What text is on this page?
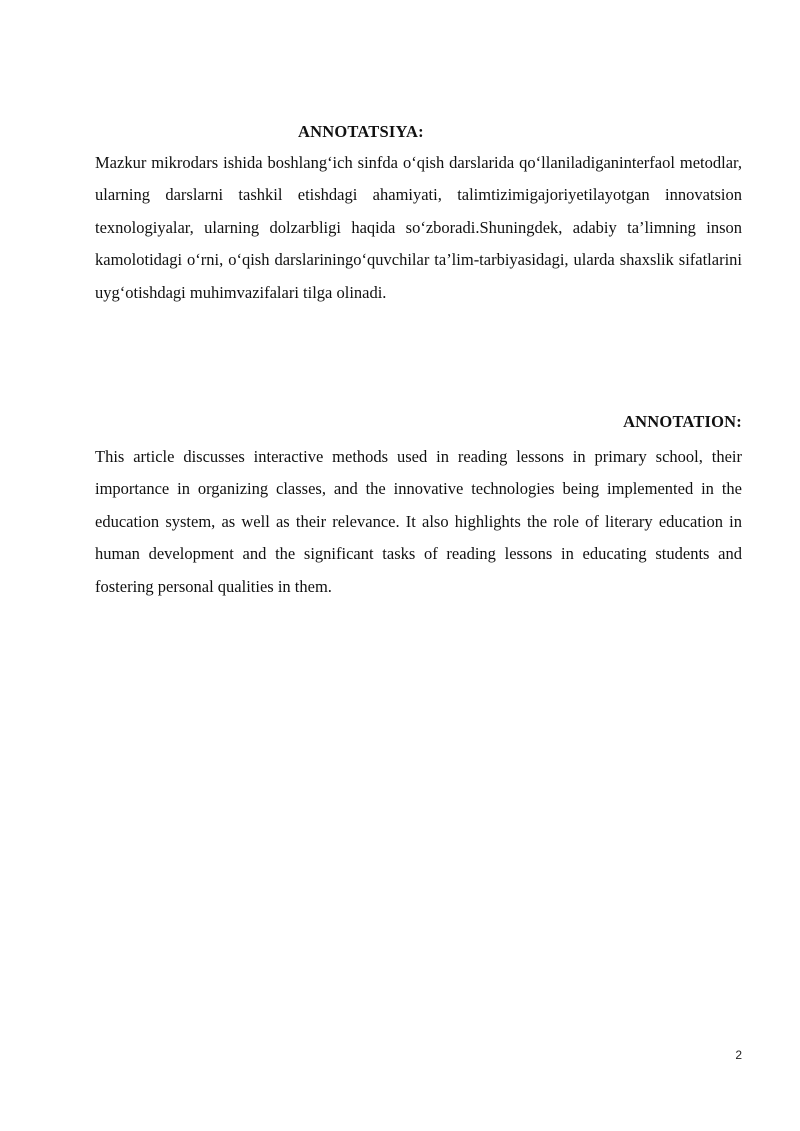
ANNOTATSIYA:

Mazkur mikrodars ishida boshlang‘ich sinfda o‘qish darslarida qo‘llaniladiganinterfaol metodlar, ularning darslarni tashkil etishdagi ahamiyati, talimtizimigajoriyetilayotgan innovatsion texnologiyalar, ularning dolzarbligi haqida so‘zboradi.Shuningdek, adabiy ta’limning inson kamolotidagi o‘rni, o‘qish darslariningo‘quvchilar ta’lim-tarbiyasidagi, ularda shaxslik sifatlarini uyg‘otishdagi muhimvazifalari tilga olinadi.

ANNOTATION:

This article discusses interactive methods used in reading lessons in primary school, their importance in organizing classes, and the innovative technologies being implemented in the education system, as well as their relevance. It also highlights the role of literary education in human development and the significant tasks of reading lessons in educating students and fostering personal qualities in them.

2
